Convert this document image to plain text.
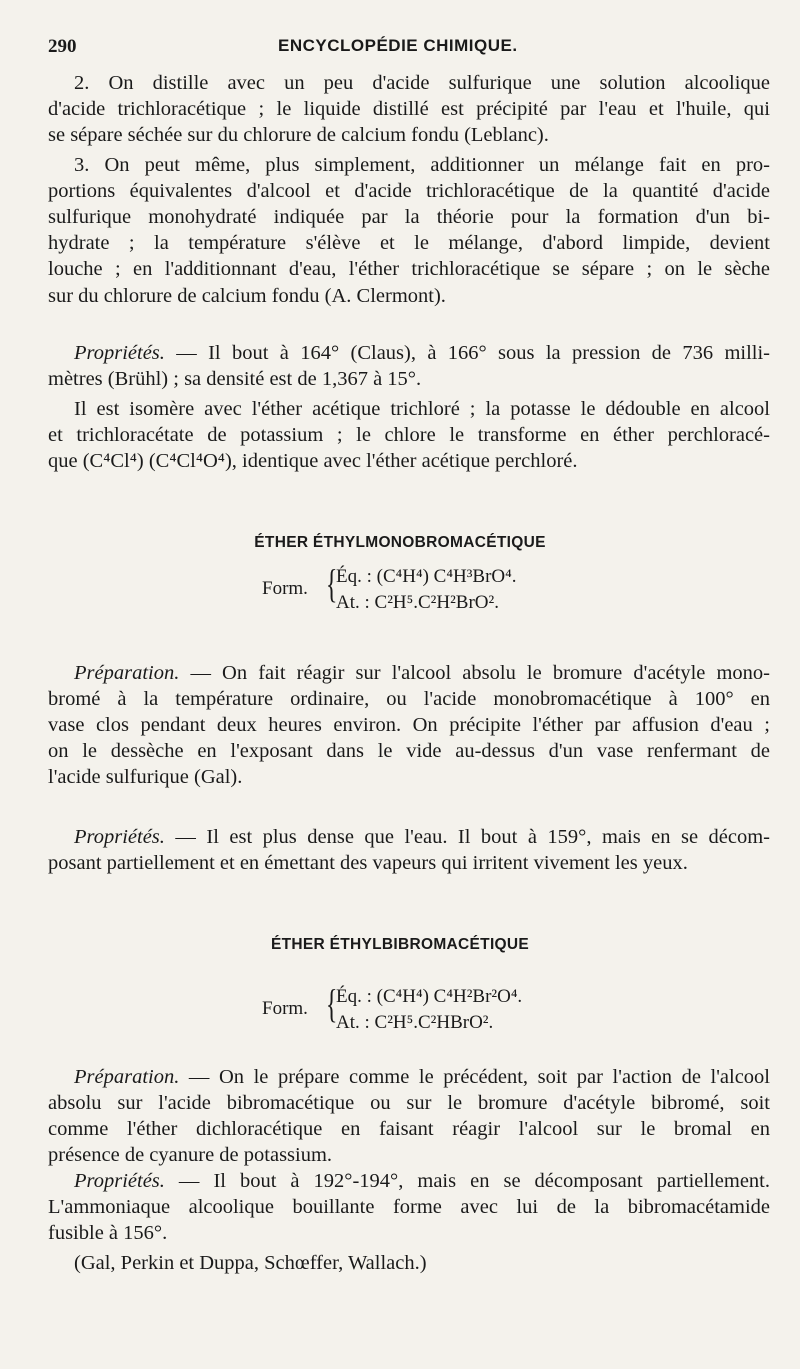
290	ENCYCLOPÉDIE CHIMIQUE.
2. On distille avec un peu d'acide sulfurique une solution alcoolique
d'acide trichloracétique ; le liquide distillé est précipité par l'eau et l'huile, qui
se sépare séchée sur du chlorure de calcium fondu (Leblanc).
3. On peut même, plus simplement, additionner un mélange fait en pro-
portions équivalentes d'alcool et d'acide trichloracétique de la quantité d'acide
sulfurique monohydraté indiquée par la théorie pour la formation d'un bi-
hydrate ; la température s'élève et le mélange, d'abord limpide, devient
louche ; en l'additionnant d'eau, l'éther trichloracétique se sépare ; on le sèche
sur du chlorure de calcium fondu (A. Clermont).
Propriétés. — Il bout à 164° (Claus), à 166° sous la pression de 736 milli-
mètres (Brühl) ; sa densité est de 1,367 à 15°.
Il est isomère avec l'éther acétique trichloré ; la potasse le dédouble en alcool
et trichloracétate de potassium ; le chlore le transforme en éther perchloracé-
que (C⁴Cl⁴) (C⁴Cl⁴O⁴), identique avec l'éther acétique perchloré.
ÉTHER ÉTHYLMONOBROMACÉTIQUE
Form. {
Éq. : (C⁴H⁴) C⁴H³BrO⁴.
At. : C²H⁵.C²H²BrO².
Préparation. — On fait réagir sur l'alcool absolu le bromure d'acétyle mono-
bromé à la température ordinaire, ou l'acide monobromacétique à 100° en
vase clos pendant deux heures environ. On précipite l'éther par affusion d'eau ;
on le dessèche en l'exposant dans le vide au-dessus d'un vase renfermant de
l'acide sulfurique (Gal).
Propriétés. — Il est plus dense que l'eau. Il bout à 159°, mais en se décom-
posant partiellement et en émettant des vapeurs qui irritent vivement les yeux.
ÉTHER ÉTHYLBIBROMACÉTIQUE
Form. {
Éq. : (C⁴H⁴) C⁴H²Br²O⁴.
At. : C²H⁵.C²HBrO².
Préparation. — On le prépare comme le précédent, soit par l'action de l'alcool
absolu sur l'acide bibromacétique ou sur le bromure d'acétyle bibromé, soit
comme l'éther dichloracétique en faisant réagir l'alcool sur le bromal en
présence de cyanure de potassium.
Propriétés. — Il bout à 192°-194°, mais en se décomposant partiellement.
L'ammoniaque alcoolique bouillante forme avec lui de la bibromacétamide
fusible à 156°.
(Gal, Perkin et Duppa, Schœffer, Wallach.)
